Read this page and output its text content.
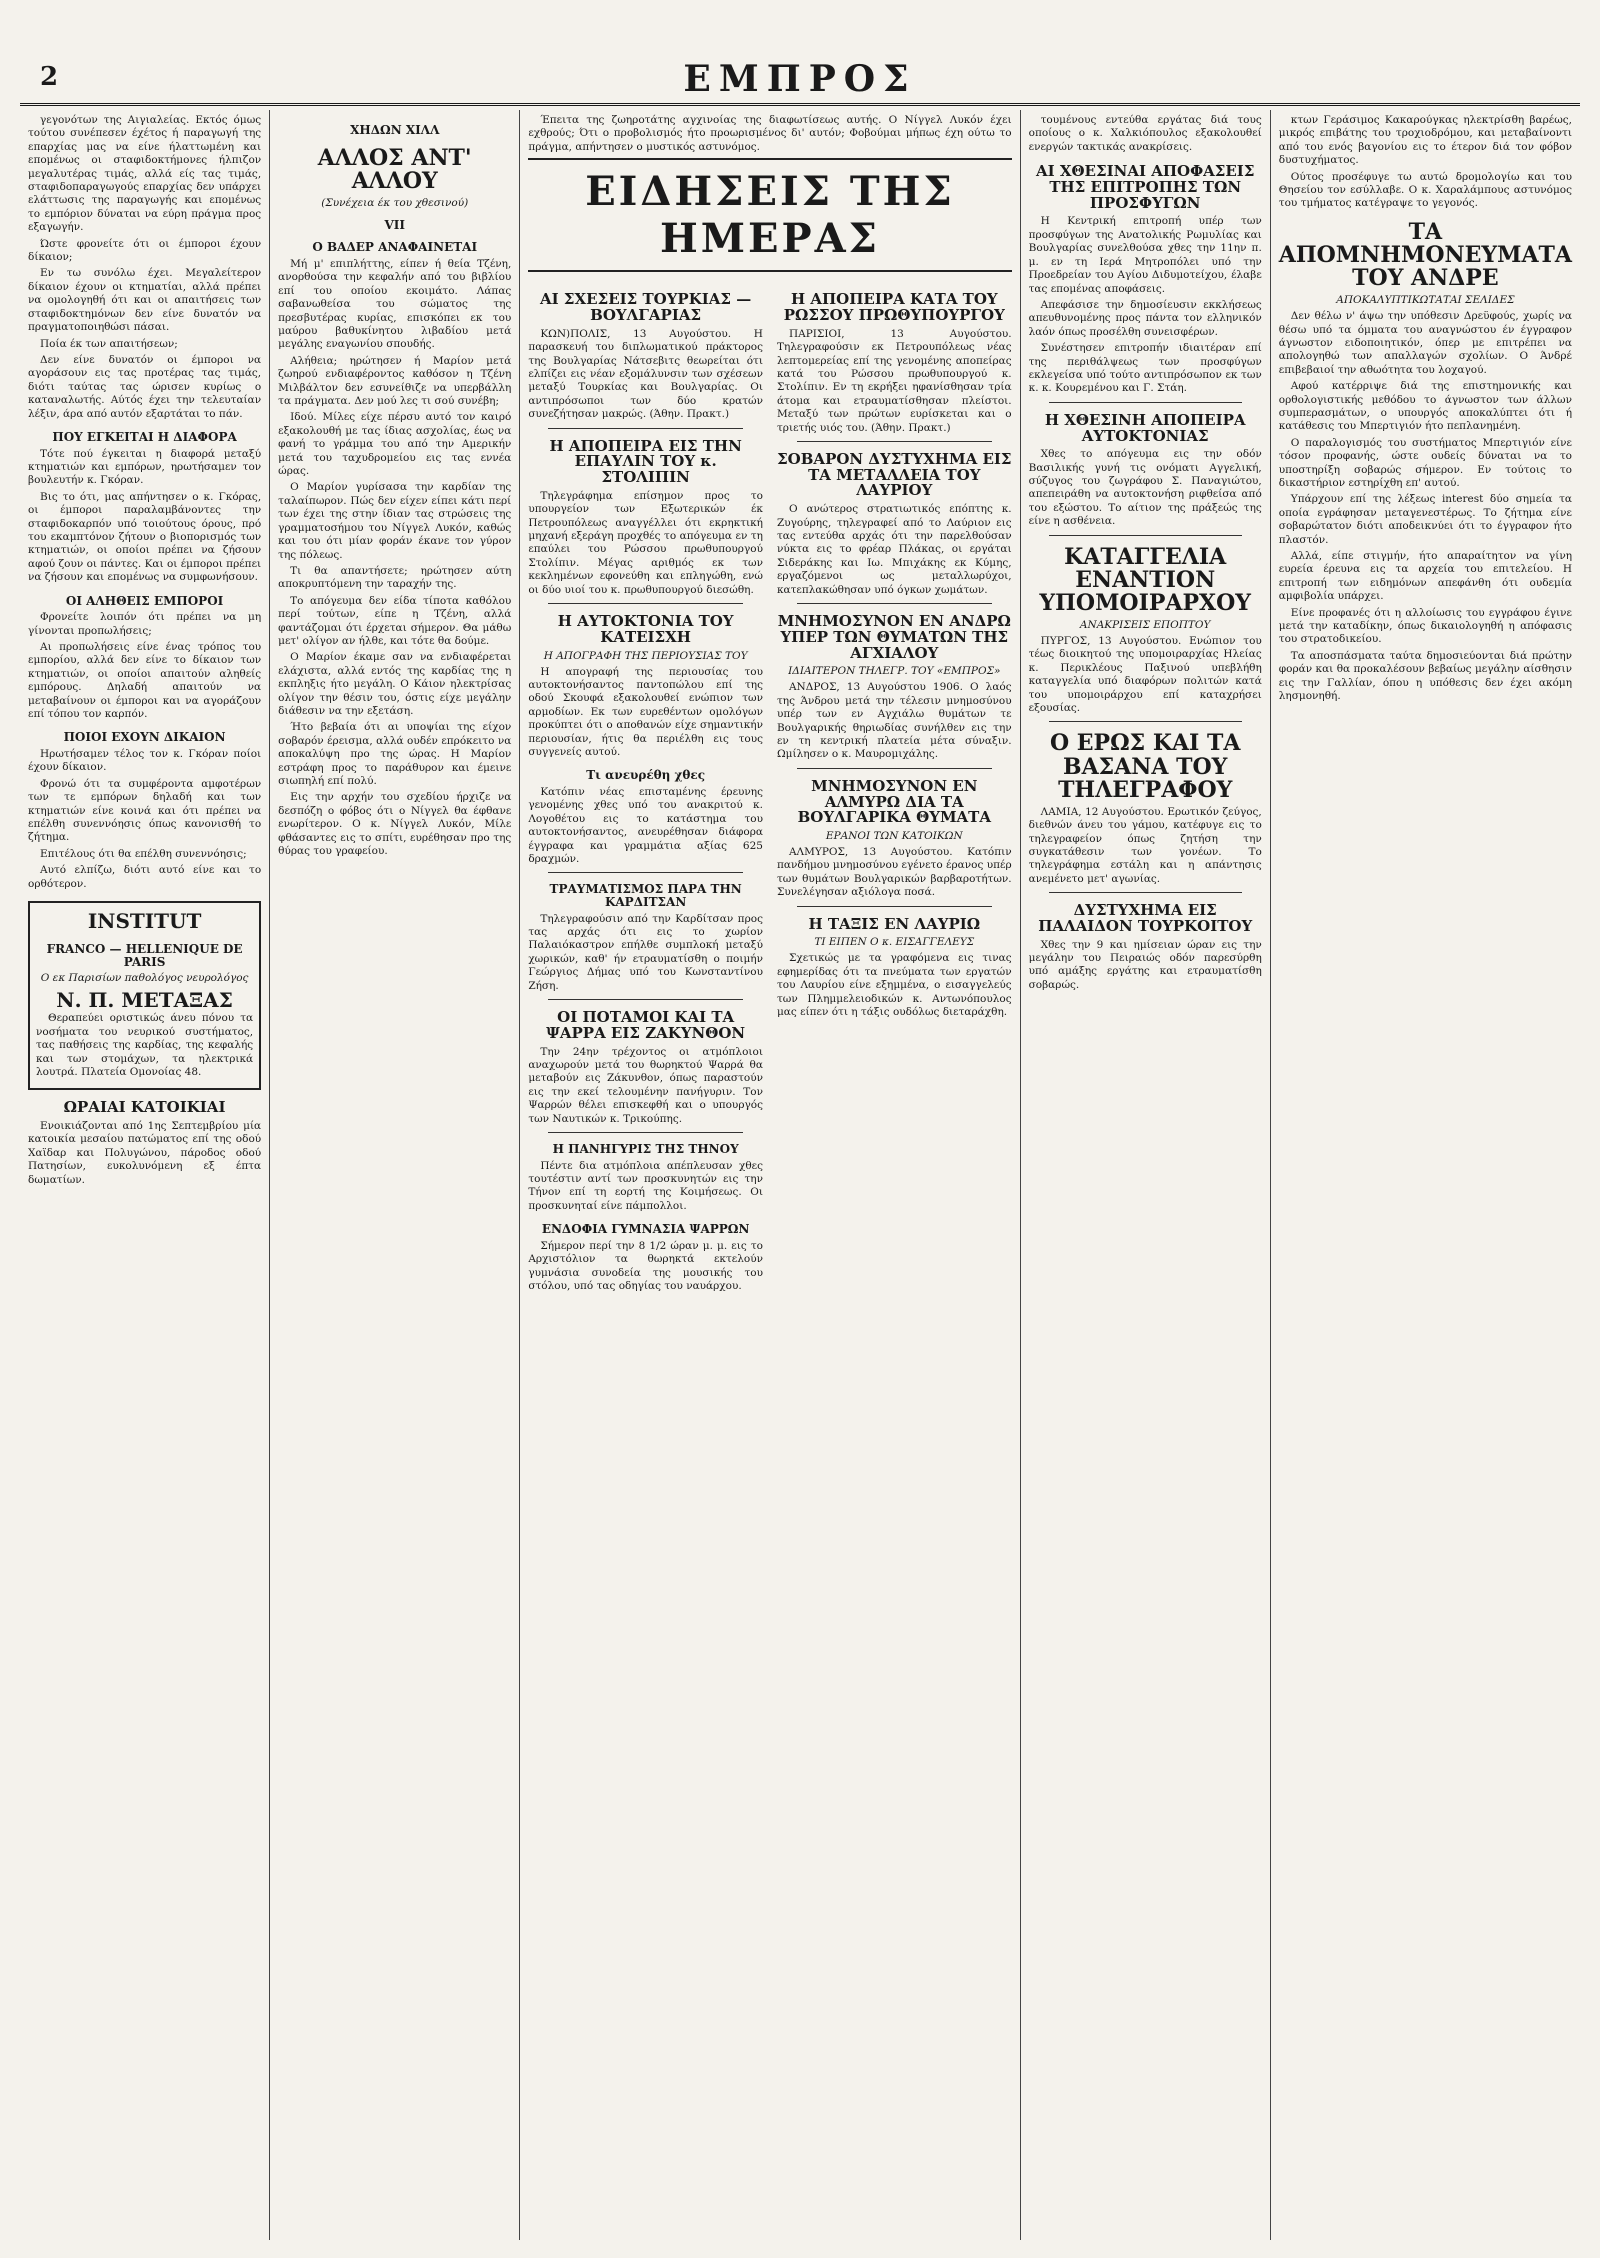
2	ΕΜΠΡΟΣ

γεγονότων της Αιγιαλείας. Εκτός όμως τούτου συνέπεσεν έχέτος ή παραγωγή της επαρχίας μας να είνε ήλαττωμένη και επομένως οι σταφιδοκτήμονες ήλπιζον μεγαλυτέρας τιμάς, αλλά είς τας τιμάς, σταφιδοπαραγωγούς επαρχίας δεν υπάρχει ελάττωσις της παραγωγής και επομένως το εμπόριον δύναται να εύρη πράγμα προς εξαγωγήν.

Ώστε φρονείτε ότι οι έμποροι έχουν δίκαιον;

Εν τω συνόλω έχει. Μεγαλείτερον δίκαιον έχουν οι κτηματίαι, αλλά πρέπει να ομολογηθή ότι και οι απαιτήσεις των σταφιδοκτημόνων δεν είνε δυνατόν να πραγματοποιηθώσι πάσαι.

Ποία έκ των απαιτήσεων;

Δεν είνε δυνατόν οι έμποροι να αγοράσουν εις τας προτέρας τας τιμάς, διότι ταύτας τας ώρισεν κυρίως ο καταναλωτής. Αύτός έχει την τελευταίαν λέξιν, άρα από αυτόν εξαρτάται το πάν.

ΠΟΥ ΕΓΚΕΙΤΑΙ Η ΔΙΑΦΟΡΑ

Τότε πού έγκειται η διαφορά μεταξύ κτηματιών και εμπόρων, ηρωτήσαμεν τον βουλευτήν κ. Γκόραν.

Βις το ότι, μας απήντησεν ο κ. Γκόρας, οι έμποροι παραλαμβάνοντες την σταφιδοκαρπόν υπό τοιούτους όρους, πρό του εκαμπτόνον ζήτουν ο βιοπορισμός των κτηματιών, οι οποίοι πρέπει να ζήσουν αφού ζουν οι πάντες. Και οι έμποροι πρέπει να ζήσουν και επομένως να συμφωνήσουν.

ΟΙ ΑΛΗΘΕΙΣ ΕΜΠΟΡΟΙ

Φρονείτε λοιπόν ότι πρέπει να μη γίνονται προπωλήσεις;

Αι προπωλήσεις είνε ένας τρόπος του εμπορίου, αλλά δεν είνε το δίκαιον των κτηματιών, οι οποίοι απαιτούν αληθείς εμπόρους. Δηλαδή απαιτούν να μεταβαίνουν οι έμποροι και να αγοράζουν επί τόπου τον καρπόν.

ΠΟΙΟΙ ΕΧΟΥΝ ΔΙΚΑΙΟΝ

Ηρωτήσαμεν τέλος τον κ. Γκόραν ποίοι έχουν δίκαιον.

Φρονώ ότι τα συμφέροντα αμφοτέρων των τε εμπόρων δηλαδή και των κτηματιών είνε κοινά και ότι πρέπει να επέλθη συνεννόησις όπως κανονισθή το ζήτημα.

Επιτέλους ότι θα επέλθη συνεννόησις;

Αυτό ελπίζω, διότι αυτό είνε και το ορθότερον.

INSTITUT
FRANCO — HELLENIQUE DE PARIS
Ο εκ Παρισίων παθολόγος νευρολόγος
Ν. Π. ΜΕΤΑΞΑΣ

Θεραπεύει οριστικώς άνευ πόνου τα νοσήματα του νευρικού συστήματος, τας παθήσεις της καρδίας, της κεφαλής και των στομάχων, τα ηλεκτρικά λουτρά. Πλατεία Ομονοίας 48.

ΩΡΑΙΑΙ ΚΑΤΟΙΚΙΑΙ

Ενοικιάζονται από 1ης Σεπτεμβρίου μία κατοικία μεσαίου πατώματος επί της οδού Χαϊδαρ και Πολυγώνου, πάροδος οδού Πατησίων, ευκολυνόμενη εξ έπτα δωματίων.

ΧΗΔΩΝ ΧΙΛΛ
ΑΛΛΟΣ ΑΝΤ' ΑΛΛΟΥ
(Συνέχεια έκ του χθεσινού)
VII
Ο ΒΑΔΕΡ ΑΝΑΦΑΙΝΕΤΑΙ

Μή μ' επιπλήττης, είπεν ή θεία Τζένη, ανορθούσα την κεφαλήν από του βιβλίου επί του οποίου εκοιμάτο. Λάπας σαβανωθείσα του σώματος της πρεσβυτέρας κυρίας, επισκόπει εκ του μαύρου βαθυκίνητου λιβαδίου μετά μεγάλης εναγωνίου σπουδής.

Αλήθεια; ηρώτησεν ή Μαρίον μετά ζωηρού ενδιαφέροντος καθόσον η Τζένη Μιλβάλτον δεν εσυνείθιζε να υπερβάλλη τα πράγματα. Δεν μού λες τι σού συνέβη;

Ιδού. Μίλες είχε πέρσυ αυτό τον καιρό εξακολουθή με τας ίδιας ασχολίας, έως να φανή το γράμμα του από την Αμερικήν μετά του ταχυδρομείου εις τας εννέα ώρας.

Ο Μαρίον γυρίσασα την καρδίαν της ταλαίπωρον. Πώς δεν είχεν είπει κάτι περί των έχει της στην ίδιαν τας στρώσεις της γραμματοσήμου του Νίγγελ Λυκόν, καθώς και του ότι μίαν φοράν έκανε τον γύρον της πόλεως.

Τι θα απαντήσετε; ηρώτησεν αύτη αποκρυπτόμενη την ταραχήν της.

Το απόγευμα δεν είδα τίποτα καθόλου περί τούτων, είπε η Τζένη, αλλά φαντάζομαι ότι έρχεται σήμερον. Θα μάθω μετ' ολίγον αν ήλθε, και τότε θα δούμε.

Ο Μαρίον έκαμε σαν να ενδιαφέρεται ελάχιστα, αλλά εντός της καρδίας της η εκπληξις ήτο μεγάλη. Ο Κάιον ηλεκτρίσας ολίγον την θέσιν του, όστις είχε μεγάλην διάθεσιν να την εξετάση.

Ήτο βεβαία ότι αι υποψίαι της είχον σοβαρόν έρεισμα, αλλά ουδέν επρόκειτο να αποκαλύψη προ της ώρας. Η Μαρίον εστράφη προς το παράθυρον και έμεινε σιωπηλή επί πολύ.

Εις την αρχήν του σχεδίου ήρχιζε να δεσπόζη ο φόβος ότι ο Νίγγελ θα έφθανε ενωρίτερον. Ο κ. Νίγγελ Λυκόν, Μίλε φθάσαντες εις το σπίτι, ευρέθησαν προ της θύρας του γραφείου.

Έπειτα της ζωηροτάτης αγχινοίας της διαφωτίσεως αυτής. Ο Νίγγελ Λυκόν έχει εχθρούς; Ότι ο προβολισμός ήτο προωρισμένος δι' αυτόν; Φοβούμαι μήπως έχη ούτω το πράγμα, απήντησεν ο μυστικός αστυνόμος.

ΕΙΔΗΣΕΙΣ ΤΗΣ ΗΜΕΡΑΣ
ΑΙ ΣΧΕΣΕΙΣ ΤΟΥΡΚΙΑΣ — ΒΟΥΛΓΑΡΙΑΣ

ΚΩΝ)ΠΟΛΙΣ, 13 Αυγούστου. Η παρασκευή του διπλωματικού πράκτορος της Βουλγαρίας Νάτσεβιτς θεωρείται ότι ελπίζει εις νέαν εξομάλυνσιν των σχέσεων μεταξύ Τουρκίας και Βουλγαρίας. Οι αντιπρόσωποι των δύο κρατών συνεζήτησαν μακρώς. (Άθην. Πρακτ.)

Η ΑΠΟΠΕΙΡΑ ΕΙΣ ΤΗΝ ΕΠΑΥΛΙΝ ΤΟΥ κ. ΣΤΟΛΙΠΙΝ

Τηλεγράφημα επίσημον προς το υπουργείον των Εξωτερικών έκ Πετρουπόλεως αναγγέλλει ότι εκρηκτική μηχανή εξεράγη προχθές το απόγευμα εν τη επαύλει του Ρώσσου πρωθυπουργού Στολίπιν. Μέγας αριθμός εκ των κεκλημένων εφονεύθη και επληγώθη, ενώ οι δύο υιοί του κ. πρωθυπουργού διεσώθη.

Η ΑΥΤΟΚΤΟΝΙΑ ΤΟΥ ΚΑΤΕΙΣΧΗ
Η ΑΠΟΓΡΑΦΗ ΤΗΣ ΠΕΡΙΟΥΣΙΑΣ ΤΟΥ

Η απογραφή της περιουσίας του αυτοκτονήσαντος παντοπώλου επί της οδού Σκουφά εξακολουθεί ενώπιον των αρμοδίων. Εκ των ευρεθέντων ομολόγων προκύπτει ότι ο αποθανών είχε σημαντικήν περιουσίαν, ήτις θα περιέλθη εις τους συγγενείς αυτού.

Τι ανευρέθη χθες

Κατόπιν νέας επισταμένης έρευνης γενομένης χθες υπό του ανακριτού κ. Λογοθέτου εις το κατάστημα του αυτοκτονήσαντος, ανευρέθησαν διάφορα έγγραφα και γραμμάτια αξίας 625 δραχμών.

ΤΡΑΥΜΑΤΙΣΜΟΣ ΠΑΡΑ ΤΗΝ ΚΑΡΔΙΤΣΑΝ

Τηλεγραφούσιν από την Καρδίτσαν προς τας αρχάς ότι εις το χωρίον Παλαιόκαστρον επήλθε συμπλοκή μεταξύ χωρικών, καθ' ήν ετραυματίσθη ο ποιμήν Γεώργιος Δήμας υπό του Κωνσταντίνου Ζήση.

ΟΙ ΠΟΤΑΜΟΙ ΚΑΙ ΤΑ ΨΑΡΡΑ ΕΙΣ ΖΑΚΥΝΘΟΝ

Την 24ην τρέχοντος οι ατμόπλοιοι αναχωρούν μετά του θωρηκτού Ψαρρά θα μεταβούν εις Ζάκυνθον, όπως παραστούν εις την εκεί τελουμένην πανήγυριν. Τον Ψαρρών θέλει επισκεφθή και ο υπουργός των Ναυτικών κ. Τρικούπης.

Η ΠΑΝΗΓΥΡΙΣ ΤΗΣ ΤΗΝΟΥ

Πέντε δια ατμόπλοια απέπλευσαν χθες τουτέστιν αντί των προσκυνητών εις την Τήνον επί τη εορτή της Κοιμήσεως. Οι προσκυνηταί είνε πάμπολλοι.

ΕΝΔΟΦΙΑ ΓΥΜΝΑΣΙΑ ΨΑΡΡΩΝ

Σήμερον περί την 8 1/2 ώραν μ. μ. εις το Αρχιστόλιον τα θωρηκτά εκτελούν γυμνάσια συνοδεία της μουσικής του στόλου, υπό τας οδηγίας του ναυάρχου.

Η ΑΠΟΠΕΙΡΑ ΚΑΤΑ ΤΟΥ ΡΩΣΣΟΥ ΠΡΩΘΥΠΟΥΡΓΟΥ

ΠΑΡΙΣΙΟΙ, 13 Αυγούστου. Τηλεγραφούσιν εκ Πετρουπόλεως νέας λεπτομερείας επί της γενομένης αποπείρας κατά του Ρώσσου πρωθυπουργού κ. Στολίπιν. Εν τη εκρήξει ηφανίσθησαν τρία άτομα και ετραυματίσθησαν πλείστοι. Μεταξύ των πρώτων ευρίσκεται και ο τριετής υιός του. (Άθην. Πρακτ.)

ΣΟΒΑΡΟΝ ΔΥΣΤΥΧΗΜΑ ΕΙΣ ΤΑ ΜΕΤΑΛΛΕΙΑ ΤΟΥ ΛΑΥΡΙΟΥ

Ο ανώτερος στρατιωτικός επόπτης κ. Ζυγούρης, τηλεγραφεί από το Λαύριον εις τας εντεύθα αρχάς ότι την παρελθούσαν νύκτα εις το φρέαρ Πλάκας, οι εργάται Σιδεράκης και Ιω. Μπιχάκης εκ Κύμης, εργαζόμενοι ως μεταλλωρύχοι, κατεπλακώθησαν υπό όγκων χωμάτων.

ΜΝΗΜΟΣΥΝΟΝ ΕΝ ΑΝΔΡΩ ΥΠΕΡ ΤΩΝ ΘΥΜΑΤΩΝ ΤΗΣ ΑΓΧΙΑΛΟΥ
ΙΔΙΑΙΤΕΡΟΝ ΤΗΛΕΓΡ. ΤΟΥ «ΕΜΠΡΟΣ»

ΑΝΔΡΟΣ, 13 Αυγούστου 1906. Ο λαός της Άνδρου μετά την τέλεσιν μνημοσύνου υπέρ των εν Αγχιάλω θυμάτων τε Βουλγαρικής θηριωδίας συνήλθεν εις την εν τη κεντρική πλατεία μέτα σύναξιν. Ωμίλησεν ο κ. Μαυρομιχάλης.

ΜΝΗΜΟΣΥΝΟΝ ΕΝ ΑΛΜΥΡΩ ΔΙΑ ΤΑ ΒΟΥΛΓΑΡΙΚΑ ΘΥΜΑΤΑ
ΕΡΑΝΟΙ ΤΩΝ ΚΑΤΟΙΚΩΝ

ΑΛΜΥΡΟΣ, 13 Αυγούστου. Κατόπιν πανδήμου μνημοσύνου εγένετο έρανος υπέρ των θυμάτων Βουλγαρικών βαρβαροτήτων. Συνελέγησαν αξιόλογα ποσά.

Η ΤΑΞΙΣ ΕΝ ΛΑΥΡΙΩ
ΤΙ ΕΙΠΕΝ Ο κ. ΕΙΣΑΓΓΕΛΕΥΣ

Σχετικώς με τα γραφόμενα εις τινας εφημερίδας ότι τα πνεύματα των εργατών του Λαυρίου είνε εξημμένα, ο εισαγγελεύς των Πλημμελειοδικών κ. Αντωνόπουλος μας είπεν ότι η τάξις ουδόλως διεταράχθη.

τουμένους εντεύθα εργάτας διά τους οποίους ο κ. Χαλκιόπουλος εξακολουθεί ενεργών τακτικάς ανακρίσεις.

ΑΙ ΧΘΕΣΙΝΑΙ ΑΠΟΦΑΣΕΙΣ ΤΗΣ ΕΠΙΤΡΟΠΗΣ ΤΩΝ ΠΡΟΣΦΥΓΩΝ

Η Κεντρική επιτροπή υπέρ των προσφύγων της Ανατολικής Ρωμυλίας και Βουλγαρίας συνελθούσα χθες την 11ην π. μ. εν τη Ιερά Μητροπόλει υπό την Προεδρείαν του Αγίου Διδυμοτείχου, έλαβε τας επομένας αποφάσεις.

Απεφάσισε την δημοσίευσιν εκκλήσεως απευθυνομένης προς πάντα τον ελληνικόν λαόν όπως προσέλθη συνεισφέρων.

Συνέστησεν επιτροπήν ιδιαιτέραν επί της περιθάλψεως των προσφύγων εκλεγείσα υπό τούτο αντιπρόσωπον εκ των κ. κ. Κουρεμένου και Γ. Στάη.

Η ΧΘΕΣΙΝΗ ΑΠΟΠΕΙΡΑ ΑΥΤΟΚΤΟΝΙΑΣ

Χθες το απόγευμα εις την οδόν Βασιλικής γυνή τις ονόματι Αγγελική, σύζυγος του ζωγράφου Σ. Παναγιώτου, απεπειράθη να αυτοκτονήση ριφθείσα από του εξώστου. Το αίτιον της πράξεώς της είνε η ασθένεια.

ΚΑΤΑΓΓΕΛΙΑ ΕΝΑΝΤΙΟΝ ΥΠΟΜΟΙΡΑΡΧΟΥ
ΑΝΑΚΡΙΣΕΙΣ ΕΠΟΠΤΟΥ

ΠΥΡΓΟΣ, 13 Αυγούστου. Ενώπιον του τέως διοικητού της υπομοιραρχίας Ηλείας κ. Περικλέους Παξινού υπεβλήθη καταγγελία υπό διαφόρων πολιτών κατά του υπομοιράρχου επί καταχρήσει εξουσίας.

Ο ΕΡΩΣ ΚΑΙ ΤΑ ΒΑΣΑΝΑ ΤΟΥ ΤΗΛΕΓΡΑΦΟΥ

ΛΑΜΙΑ, 12 Αυγούστου. Ερωτικόν ζεύγος, διεθνών άνευ του γάμου, κατέφυγε εις το τηλεγραφείον όπως ζητήση την συγκατάθεσιν των γονέων. Το τηλεγράφημα εστάλη και η απάντησις ανεμένετο μετ' αγωνίας.

ΔΥΣΤΥΧΗΜΑ ΕΙΣ ΠΑΛΑΙΔΟΝ ΤΟΥΡΚΟΙΤΟΥ

Χθες την 9 και ημίσειαν ώραν εις την μεγάλην του Πειραιώς οδόν παρεσύρθη υπό αμάξης εργάτης και ετραυματίσθη σοβαρώς.

κτων Γεράσιμος Κακαρούγκας ηλεκτρίσθη βαρέως, μικρός επιβάτης του τροχιοδρόμου, και μεταβαίνοντι από του ενός βαγονίου εις το έτερον διά τον φόβον δυστυχήματος.

Ούτος προσέφυγε τω αυτώ δρομολογίω και του Θησείου τον εσύλλαβε. Ο κ. Χαραλάμπους αστυνόμος του τμήματος κατέγραψε το γεγονός.

ΤΑ ΑΠΟΜΝΗΜΟΝΕΥΜΑΤΑ ΤΟΥ ΑΝΔΡΕ
ΑΠΟΚΑΛΥΠΤΙΚΩΤΑΤΑΙ ΣΕΛΙΔΕΣ

Δεν θέλω ν' άψω την υπόθεσιν Δρεϋφούς, χωρίς να θέσω υπό τα όμματα του αναγνώστου έν έγγραφον άγνωστον ειδοποιητικόν, όπερ με επιτρέπει να απολογηθώ των απαλλαγών σχολίων. Ο Άνδρέ επιβεβαιοί την αθωότητα του λοχαγού.

Αφού κατέρριψε διά της επιστημονικής και ορθολογιστικής μεθόδου το άγνωστον των άλλων συμπερασμάτων, ο υπουργός αποκαλύπτει ότι ή κατάθεσις του Μπερτιγιόν ήτο πεπλανημένη.

Ο παραλογισμός του συστήματος Μπερτιγιόν είνε τόσον προφανής, ώστε ουδείς δύναται να το υποστηρίξη σοβαρώς σήμερον. Εν τούτοις το δικαστήριον εστηρίχθη επ' αυτού.

Υπάρχουν επί της λέξεως interest δύο σημεία τα οποία εγράφησαν μεταγενεστέρως. Το ζήτημα είνε σοβαρώτατον διότι αποδεικνύει ότι το έγγραφον ήτο πλαστόν.

Αλλά, είπε στιγμήν, ήτο απαραίτητον να γίνη ευρεία έρευνα εις τα αρχεία του επιτελείου. Η επιτροπή των ειδημόνων απεφάνθη ότι ουδεμία αμφιβολία υπάρχει.

Είνε προφανές ότι η αλλοίωσις του εγγράφου έγινε μετά την καταδίκην, όπως δικαιολογηθή η απόφασις του στρατοδικείου.

Τα αποσπάσματα ταύτα δημοσιεύονται διά πρώτην φοράν και θα προκαλέσουν βεβαίως μεγάλην αίσθησιν εις την Γαλλίαν, όπου η υπόθεσις δεν έχει ακόμη λησμονηθή.
